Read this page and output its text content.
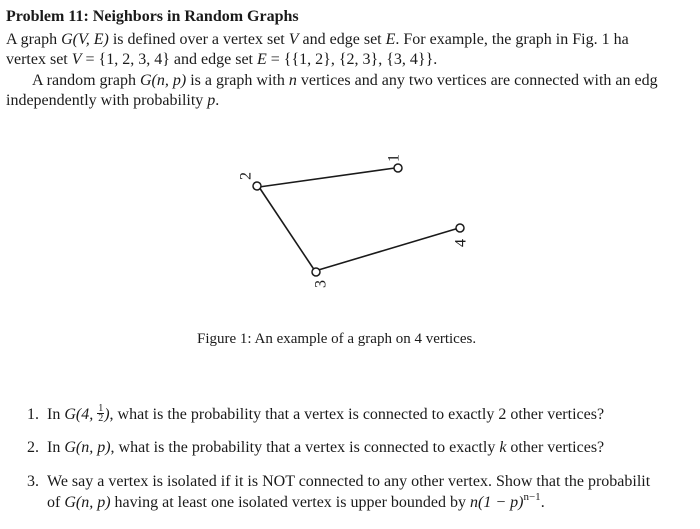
Problem 11: Neighbors in Random Graphs
A graph G(V, E) is defined over a vertex set V and edge set E. For example, the graph in Fig. 1 ha
vertex set V = {1, 2, 3, 4} and edge set E = {{1, 2}, {2, 3}, {3, 4}}.
A random graph G(n, p) is a graph with n vertices and any two vertices are connected with an edg
independently with probability p.
1
2
3
4
Figure 1: An example of a graph on 4 vertices.
1. In G(4, $\frac{1}{2}$ ), what is the probability that a vertex is connected to exactly 2 other vertices?
2. In G(n, p), what is the probability that a vertex is connected to exactly k other vertices?
3. We say a vertex is isolated if it is NOT connected to any other vertex. Show that the probabilit
of G(n, p) having at least one isolated vertex is upper bounded by $n(1 - p)^{n-1}$.
